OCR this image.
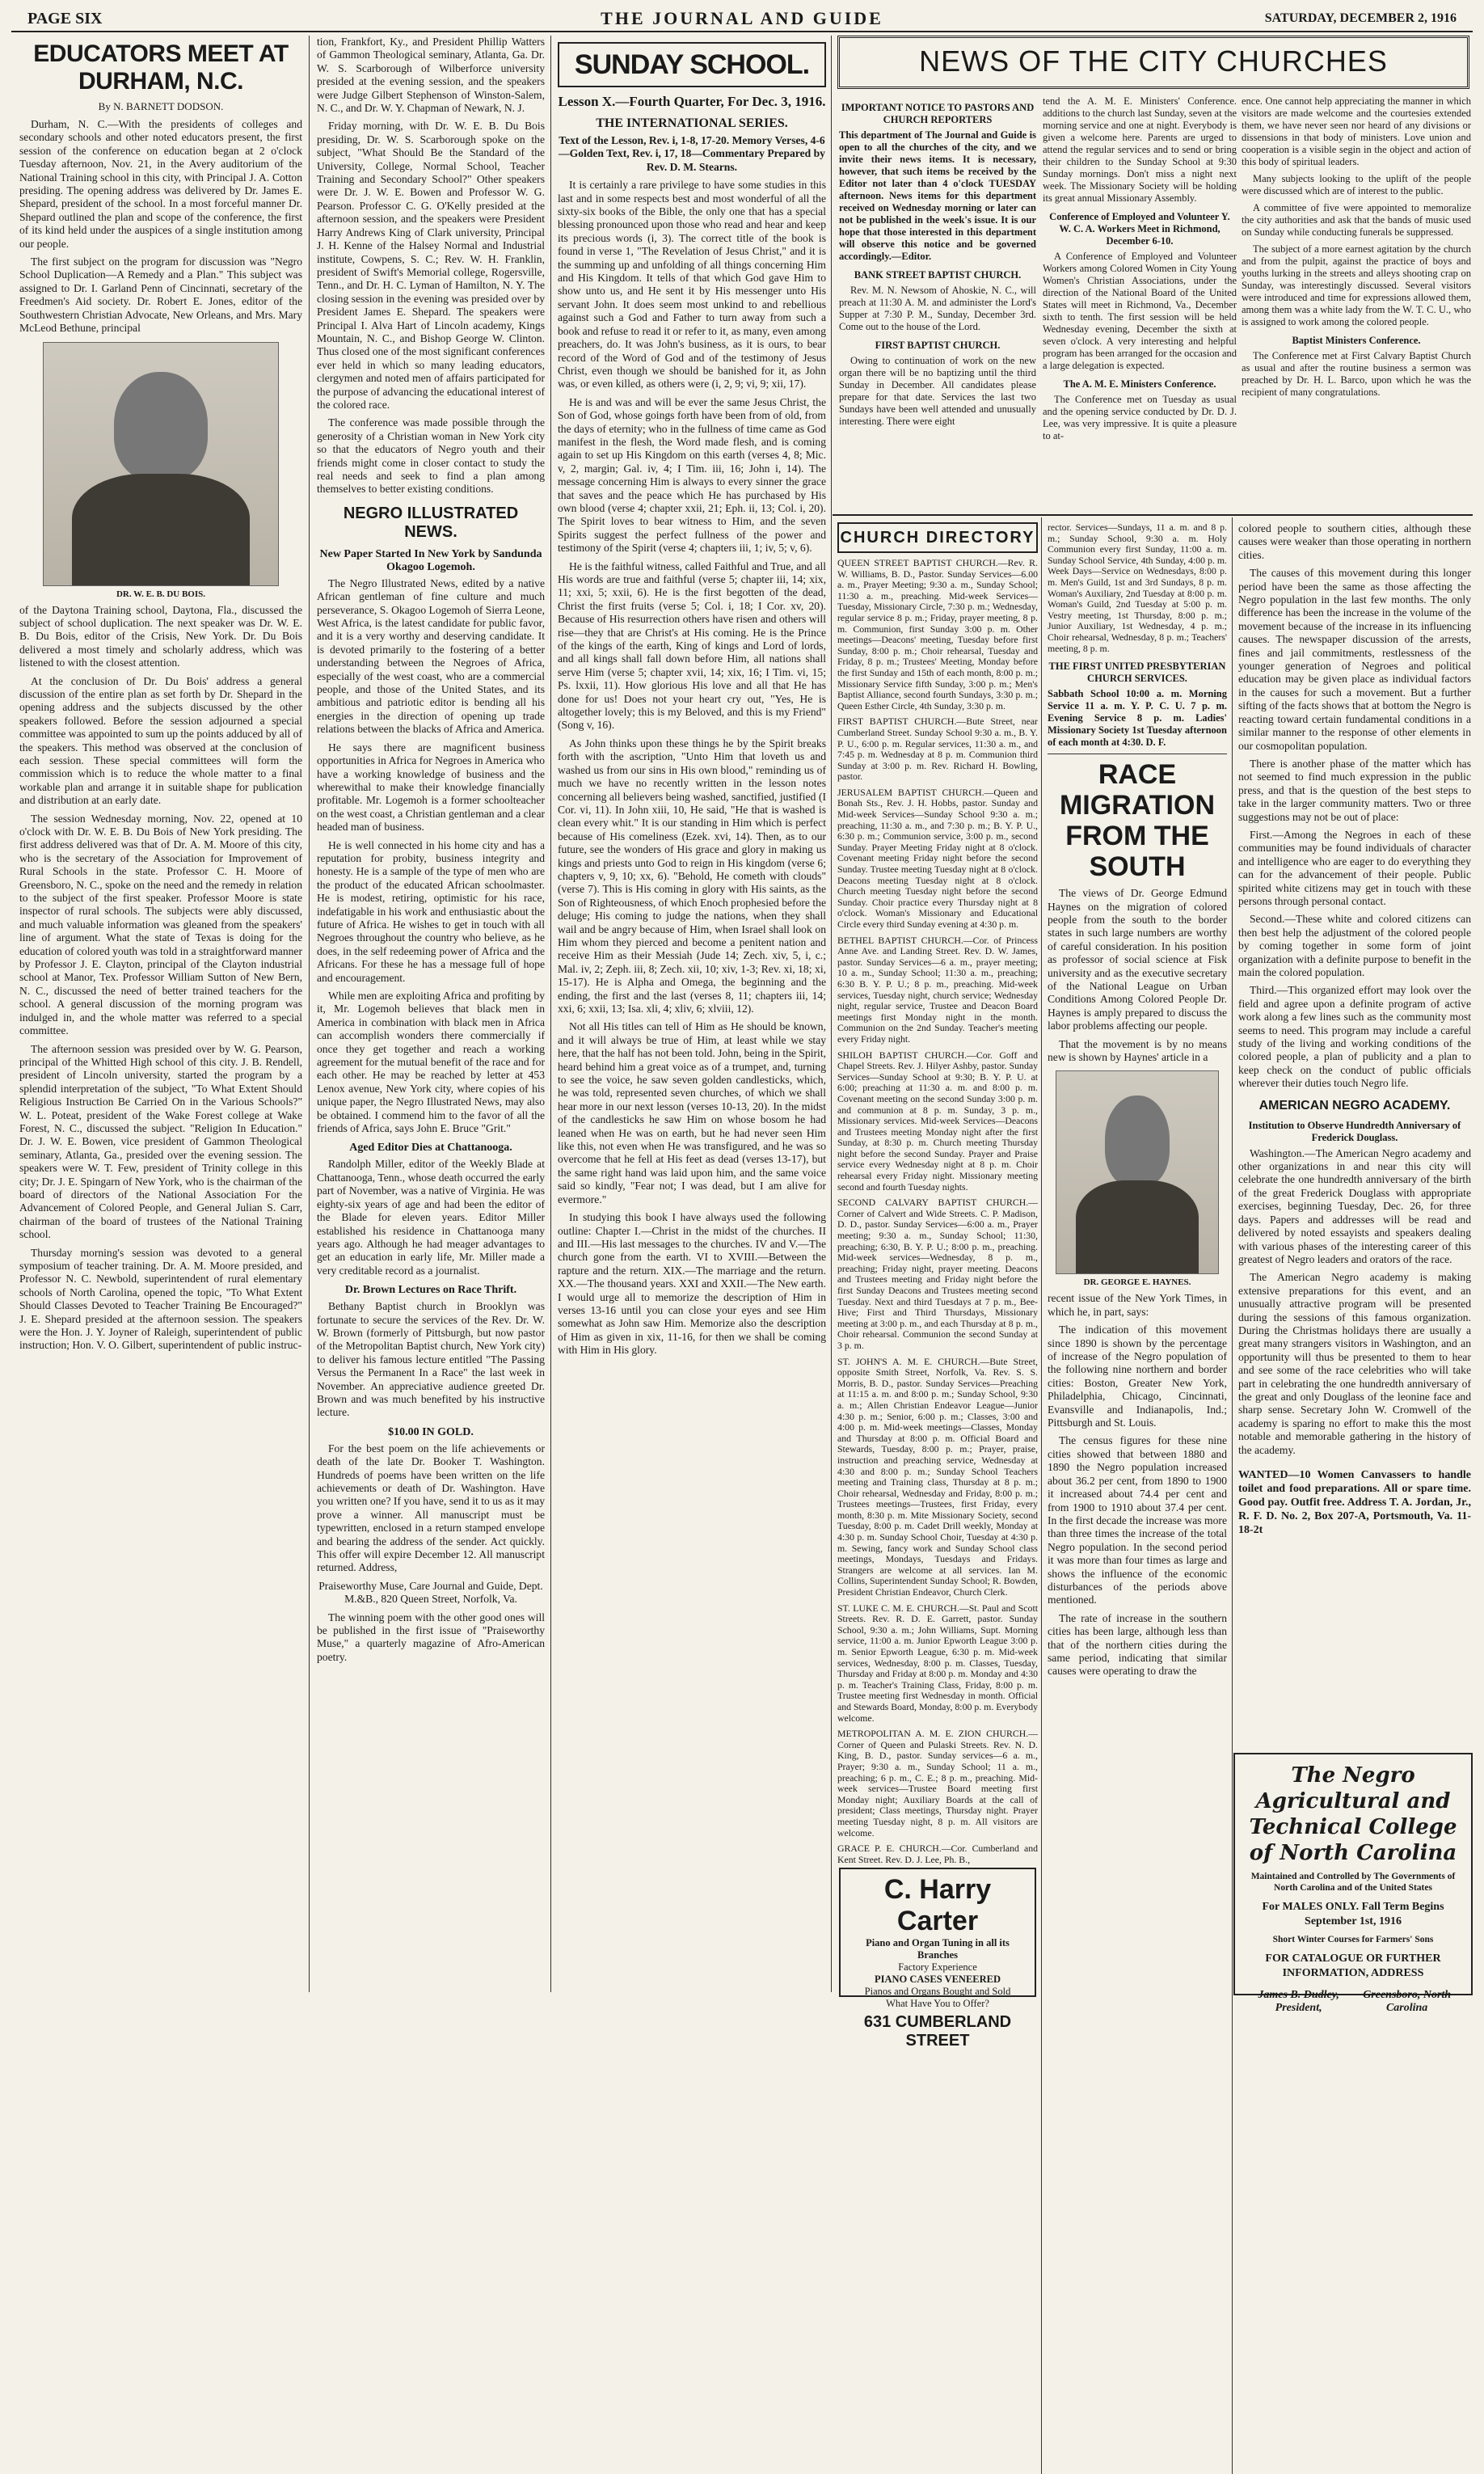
PAGE SIX	THE JOURNAL AND GUIDE	SATURDAY, DECEMBER 2, 1916
EDUCATORS MEET AT DURHAM, N.C.
By N. BARNETT DODSON.

Durham, N. C.—With the presidents of colleges and secondary schools and other noted educators present, the first session of the conference on education began at 2 o'clock Tuesday afternoon, Nov. 21, in the Avery auditorium of the National Training school in this city, with Principal J. A. Cotton presiding. The opening address was delivered by Dr. James E. Shepard, president of the school. In a most forceful manner Dr. Shepard outlined the plan and scope of the conference, the first of its kind held under the auspices of a single institution among our people.

The first subject on the program for discussion was "Negro School Duplication—A Remedy and a Plan." This subject was assigned to Dr. I. Garland Penn of Cincinnati, secretary of the Freedmen's Aid society. Dr. Robert E. Jones, editor of the Southwestern Christian Advocate, New Orleans, and Mrs. Mary McLeod Bethune, principal

DR. W. E. B. DU BOIS.

of the Daytona Training school, Daytona, Fla., discussed the subject of school duplication. The next speaker was Dr. W. E. B. Du Bois, editor of the Crisis, New York. Dr. Du Bois delivered a most timely and scholarly address, which was listened to with the closest attention.

At the conclusion of Dr. Du Bois' address a general discussion of the entire plan as set forth by Dr. Shepard in the opening address and the subjects discussed by the other speakers followed. Before the session adjourned a special committee was appointed to sum up the points adduced by all of the speakers. This method was observed at the conclusion of each session. These special committees will form the commission which is to reduce the whole matter to a final workable plan and arrange it in suitable shape for publication and distribution at an early date.

The session Wednesday morning, Nov. 22, opened at 10 o'clock with Dr. W. E. B. Du Bois of New York presiding. The first address delivered was that of Dr. A. M. Moore of this city, who is the secretary of the Association for Improvement of Rural Schools in the state. Professor C. H. Moore of Greensboro, N. C., spoke on the need and the remedy in relation to the subject of the first speaker. Professor Moore is state inspector of rural schools. The subjects were ably discussed, and much valuable information was gleaned from the speakers' line of argument. What the state of Texas is doing for the education of colored youth was told in a straightforward manner by Professor J. E. Clayton, principal of the Clayton industrial school at Manor, Tex. Professor William Sutton of New Bern, N. C., discussed the need of better trained teachers for the school. A general discussion of the morning program was indulged in, and the whole matter was referred to a special committee.

The afternoon session was presided over by W. G. Pearson, principal of the Whitted High school of this city. J. B. Rendell, president of Lincoln university, started the program by a splendid interpretation of the subject, "To What Extent Should Religious Instruction Be Carried On in the Various Schools?" W. L. Poteat, president of the Wake Forest college at Wake Forest, N. C., discussed the subject. "Religion In Education." Dr. J. W. E. Bowen, vice president of Gammon Theological seminary, Atlanta, Ga., presided over the evening session. The speakers were W. T. Few, president of Trinity college in this city; Dr. J. E. Spingarn of New York, who is the chairman of the board of directors of the National Association For the Advancement of Colored People, and General Julian S. Carr, chairman of the board of trustees of the National Training school.

Thursday morning's session was devoted to a general symposium of teacher training. Dr. A. M. Moore presided, and Professor N. C. Newbold, superintendent of rural elementary schools of North Carolina, opened the topic, "To What Extent Should Classes Devoted to Teacher Training Be Encouraged?" J. E. Shepard presided at the afternoon session. The speakers were the Hon. J. Y. Joyner of Raleigh, superintendent of public instruction; Hon. V. O. Gilbert, superintendent of public instruc-

tion, Frankfort, Ky., and President Phillip Watters of Gammon Theological seminary, Atlanta, Ga. Dr. W. S. Scarborough of Wilberforce university presided at the evening session, and the speakers were Judge Gilbert Stephenson of Winston-Salem, N. C., and Dr. W. Y. Chapman of Newark, N. J.

Friday morning, with Dr. W. E. B. Du Bois presiding, Dr. W. S. Scarborough spoke on the subject, "What Should Be the Standard of the University, College, Normal School, Teacher Training and Secondary School?" Other speakers were Dr. J. W. E. Bowen and Professor W. G. Pearson. Professor C. G. O'Kelly presided at the afternoon session, and the speakers were President Harry Andrews King of Clark university, Principal J. H. Kenne of the Halsey Normal and Industrial institute, Cowpens, S. C.; Rev. W. H. Franklin, president of Swift's Memorial college, Rogersville, Tenn., and Dr. H. C. Lyman of Hamilton, N. Y. The closing session in the evening was presided over by President James E. Shepard. The speakers were Principal I. Alva Hart of Lincoln academy, Kings Mountain, N. C., and Bishop George W. Clinton. Thus closed one of the most significant conferences ever held in which so many leading educators, clergymen and noted men of affairs participated for the purpose of advancing the educational interest of the colored race.

The conference was made possible through the generosity of a Christian woman in New York city so that the educators of Negro youth and their friends might come in closer contact to study the real needs and seek to find a plan among themselves to better existing conditions.

NEGRO ILLUSTRATED NEWS.
New Paper Started In New York by Sandunda Okagoo Logemoh.

The Negro Illustrated News, edited by a native African gentleman of fine culture and much perseverance, S. Okagoo Logemoh of Sierra Leone, West Africa, is the latest candidate for public favor, and it is a very worthy and deserving candidate. It is devoted primarily to the fostering of a better understanding between the Negroes of Africa, especially of the west coast, who are a commercial people, and those of the United States, and its ambitious and patriotic editor is bending all his energies in the direction of opening up trade relations between the blacks of Africa and America.

He says there are magnificent business opportunities in Africa for Negroes in America who have a working knowledge of business and the wherewithal to make their knowledge financially profitable. Mr. Logemoh is a former schoolteacher on the west coast, a Christian gentleman and a clear headed man of business.

He is well connected in his home city and has a reputation for probity, business integrity and honesty. He is a sample of the type of men who are the product of the educated African schoolmaster. He is modest, retiring, optimistic for his race, indefatigable in his work and enthusiastic about the future of Africa. He wishes to get in touch with all Negroes throughout the country who believe, as he does, in the self redeeming power of Africa and the Africans. For these he has a message full of hope and encouragement.

While men are exploiting Africa and profiting by it, Mr. Logemoh believes that black men in America in combination with black men in Africa can accomplish wonders there commercially if once they get together and reach a working agreement for the mutual benefit of the race and for each other. He may be reached by letter at 453 Lenox avenue, New York city, where copies of his unique paper, the Negro Illustrated News, may also be obtained. I commend him to the favor of all the friends of Africa, says John E. Bruce "Grit."

Aged Editor Dies at Chattanooga.

Randolph Miller, editor of the Weekly Blade at Chattanooga, Tenn., whose death occurred the early part of November, was a native of Virginia. He was eighty-six years of age and had been the editor of the Blade for eleven years. Editor Miller established his residence in Chattanooga many years ago. Although he had meager advantages to get an education in early life, Mr. Miller made a very creditable record as a journalist.

Dr. Brown Lectures on Race Thrift.

Bethany Baptist church in Brooklyn was fortunate to secure the services of the Rev. Dr. W. W. Brown (formerly of Pittsburgh, but now pastor of the Metropolitan Baptist church, New York city) to deliver his famous lecture entitled "The Passing Versus the Permanent In a Race" the last week in November. An appreciative audience greeted Dr. Brown and was much benefited by his instructive lecture.

$10.00 IN GOLD.

For the best poem on the life achievements or death of the late Dr. Booker T. Washington. Hundreds of poems have been written on the life achievements or death of Dr. Washington. Have you written one? If you have, send it to us as it may prove a winner. All manuscript must be typewritten, enclosed in a return stamped envelope and bearing the address of the sender. Act quickly. This offer will expire December 12. All manuscript returned. Address,

Praiseworthy Muse, Care Journal and Guide, Dept. M.&B., 820 Queen Street, Norfolk, Va.

The winning poem with the other good ones will be published in the first issue of "Praiseworthy Muse," a quarterly magazine of Afro-American poetry.

SUNDAY SCHOOL.
Lesson X.—Fourth Quarter, For Dec. 3, 1916.
THE INTERNATIONAL SERIES.

Text of the Lesson, Rev. i, 1-8, 17-20. Memory Verses, 4-6—Golden Text, Rev. i, 17, 18—Commentary Prepared by Rev. D. M. Stearns.

It is certainly a rare privilege to have some studies in this last and in some respects best and most wonderful of all the sixty-six books of the Bible, the only one that has a special blessing pronounced upon those who read and hear and keep its precious words (i, 3). The correct title of the book is found in verse 1, "The Revelation of Jesus Christ," and it is the summing up and unfolding of all things concerning Him and His Kingdom. It tells of that which God gave Him to show unto us, and He sent it by His messenger unto His servant John. It does seem most unkind to and rebellious against such a God and Father to turn away from such a book and refuse to read it or refer to it, as many, even among preachers, do. It was John's business, as it is ours, to bear record of the Word of God and of the testimony of Jesus Christ, even though we should be banished for it, as John was, or even killed, as others were (i, 2, 9; vi, 9; xii, 17).

He is and was and will be ever the same Jesus Christ, the Son of God, whose goings forth have been from of old, from the days of eternity; who in the fullness of time came as God manifest in the flesh, the Word made flesh, and is coming again to set up His Kingdom on this earth (verses 4, 8; Mic. v, 2, margin; Gal. iv, 4; I Tim. iii, 16; John i, 14). The message concerning Him is always to every sinner the grace that saves and the peace which He has purchased by His own blood (verse 4; chapter xxii, 21; Eph. ii, 13; Col. i, 20). The Spirit loves to bear witness to Him, and the seven Spirits suggest the perfect fullness of the power and testimony of the Spirit (verse 4; chapters iii, 1; iv, 5; v, 6).

He is the faithful witness, called Faithful and True, and all His words are true and faithful (verse 5; chapter iii, 14; xix, 11; xxi, 5; xxii, 6). He is the first begotten of the dead, Christ the first fruits (verse 5; Col. i, 18; I Cor. xv, 20). Because of His resurrection others have risen and others will rise—they that are Christ's at His coming. He is the Prince of the kings of the earth, King of kings and Lord of lords, and all kings shall fall down before Him, all nations shall serve Him (verse 5; chapter xvii, 14; xix, 16; I Tim. vi, 15; Ps. lxxii, 11). How glorious His love and all that He has done for us! Does not your heart cry out, "Yes, He is altogether lovely; this is my Beloved, and this is my Friend" (Song v, 16).

As John thinks upon these things he by the Spirit breaks forth with the ascription, "Unto Him that loveth us and washed us from our sins in His own blood," reminding us of much we have no recently written in the lesson notes concerning all believers being washed, sanctified, justified (I Cor. vi, 11). In John xiii, 10, He said, "He that is washed is clean every whit." It is our standing in Him which is perfect because of His comeliness (Ezek. xvi, 14). Then, as to our future, see the wonders of His grace and glory in making us kings and priests unto God to reign in His kingdom (verse 6; chapters v, 9, 10; xx, 6). "Behold, He cometh with clouds" (verse 7). This is His coming in glory with His saints, as the Son of Righteousness, of which Enoch prophesied before the deluge; His coming to judge the nations, when they shall wail and be angry because of Him, when Israel shall look on Him whom they pierced and become a penitent nation and receive Him as their Messiah (Jude 14; Zech. xiv, 5, i, c.; Mal. iv, 2; Zeph. iii, 8; Zech. xii, 10; xiv, 1-3; Rev. xi, 18; xi, 15-17). He is Alpha and Omega, the beginning and the ending, the first and the last (verses 8, 11; chapters iii, 14; xxi, 6; xxii, 13; Isa. xli, 4; xliv, 6; xlviii, 12).

Not all His titles can tell of Him as He should be known, and it will always be true of Him, at least while we stay here, that the half has not been told. John, being in the Spirit, heard behind him a great voice as of a trumpet, and, turning to see the voice, he saw seven golden candlesticks, which, he was told, represented seven churches, of which we shall hear more in our next lesson (verses 10-13, 20). In the midst of the candlesticks he saw Him on whose bosom he had leaned when He was on earth, but he had never seen Him like this, not even when He was transfigured, and he was so overcome that he fell at His feet as dead (verses 13-17), but the same right hand was laid upon him, and the same voice said so kindly, "Fear not; I was dead, but I am alive for evermore."

In studying this book I have always used the following outline: Chapter I.—Christ in the midst of the churches. II and III.—His last messages to the churches. IV and V.—The church gone from the earth. VI to XVIII.—Between the rapture and the return. XIX.—The marriage and the return. XX.—The thousand years. XXI and XXII.—The New earth. I would urge all to memorize the description of Him in verses 13-16 until you can close your eyes and see Him somewhat as John saw Him. Memorize also the description of Him as given in xix, 11-16, for then we shall be coming with Him in His glory.

NEWS OF THE CITY CHURCHES
IMPORTANT NOTICE TO PASTORS AND CHURCH REPORTERS

This department of The Journal and Guide is open to all the churches of the city, and we invite their news items. It is necessary, however, that such items be received by the Editor not later than 4 o'clock TUESDAY afternoon. News items for this department received on Wednesday morning or later can not be published in the week's issue. It is our hope that those interested in this department will observe this notice and be governed accordingly.—Editor.

BANK STREET BAPTIST CHURCH.

Rev. M. N. Newsom of Ahoskie, N. C., will preach at 11:30 A. M. and administer the Lord's Supper at 7:30 P. M., Sunday, December 3rd. Come out to the house of the Lord.

FIRST BAPTIST CHURCH.

Owing to continuation of work on the new organ there will be no baptizing until the third Sunday in December. All candidates please prepare for that date. Services the last two Sundays have been well attended and unusually interesting. There were eight

tend the A. M. E. Ministers' Conference. additions to the church last Sunday, seven at the morning service and one at night. Everybody is given a welcome here. Parents are urged to attend the regular services and to send or bring their children to the Sunday School at 9:30 Sunday mornings. Don't miss a night next week. The Missionary Society will be holding its great annual Missionary Assembly.

Conference of Employed and Volunteer Y. W. C. A. Workers Meet in Richmond, December 6-10.

A Conference of Employed and Volunteer Workers among Colored Women in City Young Women's Christian Associations, under the direction of the National Board of the United States will meet in Richmond, Va., December sixth to tenth. The first session will be held Wednesday evening, December the sixth at seven o'clock. A very interesting and helpful program has been arranged for the occasion and a large delegation is expected.

The A. M. E. Ministers Conference.

The Conference met on Tuesday as usual and the opening service conducted by Dr. D. J. Lee, was very impressive. It is quite a pleasure to at-

ence. One cannot help appreciating the manner in which visitors are made welcome and the courtesies extended them, we have never seen nor heard of any divisions or dissensions in that body of ministers. Love union and cooperation is a visible segin in the object and action of this body of spiritual leaders.

Many subjects looking to the uplift of the people were discussed which are of interest to the public.

A committee of five were appointed to memoralize the city authorities and ask that the bands of music used on Sunday while conducting funerals be suppressed.

The subject of a more earnest agitation by the church and from the pulpit, against the practice of boys and youths lurking in the streets and alleys shooting crap on Sunday, was interestingly discussed. Several visitors were introduced and time for expressions allowed them, among them was a white lady from the W. T. C. U., who is assigned to work among the colored people.

Baptist Ministers Conference.

The Conference met at First Calvary Baptist Church as usual and after the routine business a sermon was preached by Dr. H. L. Barco, upon which he was the recipient of many congratulations.

CHURCH DIRECTORY

QUEEN STREET BAPTIST CHURCH.—Rev. R. W. Williams, B. D., Pastor. Sunday Services—6.00 a. m., Prayer Meeting; 9:30 a. m., Sunday School; 11:30 a. m., preaching. Mid-week Services—Tuesday, Missionary Circle, 7:30 p. m.; Wednesday, regular service 8 p. m.; Friday, prayer meeting, 8 p. m. Communion, first Sunday 3:00 p. m. Other meetings—Deacons' meeting, Tuesday before first Sunday, 8:00 p. m.; Choir rehearsal, Tuesday and Friday, 8 p. m.; Trustees' Meeting, Monday before the first Sunday and 15th of each month, 8:00 p. m.; Missionary Service fifth Sunday, 3:00 p. m.; Men's Baptist Alliance, second fourth Sundays, 3:30 p. m.; Queen Esther Circle, 4th Sunday, 3:30 p. m.

FIRST BAPTIST CHURCH.—Bute Street, near Cumberland Street. Sunday School 9:30 a. m., B. Y. P. U., 6:00 p. m. Regular services, 11:30 a. m., and 7:45 p. m. Wednesday at 8 p. m. Communion third Sunday at 3:00 p. m. Rev. Richard H. Bowling, pastor.

JERUSALEM BAPTIST CHURCH.—Queen and Bonah Sts., Rev. J. H. Hobbs, pastor. Sunday and Mid-week Services—Sunday School 9:30 a. m.; preaching, 11:30 a. m., and 7:30 p. m.; B. Y. P. U., 6:30 p. m.; Communion service, 3:00 p. m., second Sunday. Prayer Meeting Friday night at 8 o'clock. Covenant meeting Friday night before the second Sunday. Trustee meeting Tuesday night at 8 o'clock. Deacons meeting Tuesday night at 8 o'clock. Church meeting Tuesday night before the second Sunday. Choir practice every Thursday night at 8 o'clock. Woman's Missionary and Educational Circle every third Sunday evening at 4:30 p. m.

BETHEL BAPTIST CHURCH.—Cor. of Princess Anne Ave. and Landing Street. Rev. D. W. James, pastor. Sunday Services—6 a. m., prayer meeting; 10 a. m., Sunday School; 11:30 a. m., preaching; 6:30 B. Y. P. U.; 8 p. m., preaching. Mid-week services, Tuesday night, church service; Wednesday night, regular service, Trustee and Deacon Board meetings first Monday night in the month. Communion on the 2nd Sunday. Teacher's meeting every Friday night.

SHILOH BAPTIST CHURCH.—Cor. Goff and Chapel Streets. Rev. J. Hilyer Ashby, pastor. Sunday Services—Sunday School at 9:30; B. Y. P. U. at 6:00; preaching at 11:30 a. m. and 8:00 p. m. Covenant meeting on the second Sunday 3:00 p. m. and communion at 8 p. m. Sunday, 3 p. m., Missionary services. Mid-week Services—Deacons and Trustees meeting Monday night after the first Sunday, at 8:30 p. m. Church meeting Thursday night before the second Sunday. Prayer and Praise service every Wednesday night at 8 p. m. Choir rehearsal every Friday night. Missionary meeting second and fourth Tuesday nights.

SECOND CALVARY BAPTIST CHURCH.—Corner of Calvert and Wide Streets. C. P. Madison, D. D., pastor. Sunday Services—6:00 a. m., Prayer meeting; 9:30 a. m., Sunday School; 11:30, preaching; 6:30, B. Y. P. U.; 8:00 p. m., preaching. Mid-week services—Wednesday, 8 p. m., preaching; Friday night, prayer meeting. Deacons and Trustees meeting and Friday night before the first Sunday Deacons and Trustees meeting second Tuesday. Next and third Tuesdays at 7 p. m., Bee-Hive; First and Third Thursdays, Missionary meeting at 3:00 p. m., and each Thursday at 8 p. m., Choir rehearsal. Communion the second Sunday at 3 p. m.

ST. JOHN'S A. M. E. CHURCH.—Bute Street, opposite Smith Street, Norfolk, Va. Rev. S. S. Morris, B. D., pastor. Sunday Services—Preaching at 11:15 a. m. and 8:00 p. m.; Sunday School, 9:30 a. m.; Allen Christian Endeavor League—Junior 4:30 p. m.; Senior, 6:00 p. m.; Classes, 3:00 and 4:00 p. m. Mid-week meetings—Classes, Monday and Thursday at 8:00 p. m. Official Board and Stewards, Tuesday, 8:00 p. m.; Prayer, praise, instruction and preaching service, Wednesday at 4:30 and 8:00 p. m.; Sunday School Teachers meeting and Training class, Thursday at 8 p. m.; Choir rehearsal, Wednesday and Friday, 8:00 p. m.; Trustees meetings—Trustees, first Friday, every month, 8:30 p. m. Mite Missionary Society, second Tuesday, 8:00 p. m. Cadet Drill weekly, Monday at 4:30 p. m. Sunday School Choir, Tuesday at 4:30 p. m. Sewing, fancy work and Sunday School class meetings, Mondays, Tuesdays and Fridays. Strangers are welcome at all services. Ian M. Collins, Superintendent Sunday School; R. Bowden, President Christian Endeavor, Church Clerk.

ST. LUKE C. M. E. CHURCH.—St. Paul and Scott Streets. Rev. R. D. E. Garrett, pastor. Sunday School, 9:30 a. m.; John Williams, Supt. Morning service, 11:00 a. m. Junior Epworth League 3:00 p. m. Senior Epworth League, 6:30 p. m. Mid-week services, Wednesday, 8:00 p. m. Classes, Tuesday, Thursday and Friday at 8:00 p. m. Monday and 4:30 p. m. Teacher's Training Class, Friday, 8:00 p. m. Trustee meeting first Wednesday in month. Official and Stewards Board, Monday, 8:00 p. m. Everybody welcome.

METROPOLITAN A. M. E. ZION CHURCH.—Corner of Queen and Pulaski Streets. Rev. N. D. King, B. D., pastor. Sunday services—6 a. m., Prayer; 9:30 a. m., Sunday School; 11 a. m., preaching; 6 p. m., C. E.; 8 p. m., preaching. Mid-week services—Trustee Board meeting first Monday night; Auxiliary Boards at the call of president; Class meetings, Thursday night. Prayer meeting Tuesday night, 8 p. m. All visitors are welcome.

GRACE P. E. CHURCH.—Cor. Cumberland and Kent Street. Rev. D. J. Lee, Ph. B.,

C. Harry Carter
Piano and Organ Tuning in all its Branches
Factory Experience
PIANO CASES VENEERED
Pianos and Organs Bought and Sold
What Have You to Offer?
631 CUMBERLAND STREET

rector. Services—Sundays, 11 a. m. and 8 p. m.; Sunday School, 9:30 a. m. Holy Communion every first Sunday, 11:00 a. m. Sunday School Service, 4th Sunday, 4:00 p. m. Week Days—Service on Wednesdays, 8:00 p. m. Men's Guild, 1st and 3rd Sundays, 8 p. m. Woman's Auxiliary, 2nd Tuesday at 8:00 p. m. Woman's Guild, 2nd Tuesday at 5:00 p. m. Vestry meeting, 1st Thursday, 8:00 p. m.; Junior Auxiliary, 1st Wednesday, 4 p. m.; Choir rehearsal, Wednesday, 8 p. m.; Teachers' meeting, 8 p. m.

THE FIRST UNITED PRESBYTERIAN CHURCH SERVICES.

Sabbath School 10:00 a. m. Morning Service 11 a. m. Y. P. C. U. 7 p. m. Evening Service 8 p. m. Ladies' Missionary Society 1st Tuesday afternoon of each month at 4:30. D. F.

RACE MIGRATION FROM THE SOUTH

The views of Dr. George Edmund Haynes on the migration of colored people from the south to the border states in such large numbers are worthy of careful consideration. In his position as professor of social science at Fisk university and as the executive secretary of the National League on Urban Conditions Among Colored People Dr. Haynes is amply prepared to discuss the labor problems affecting our people.

That the movement is by no means new is shown by Haynes' article in a

DR. GEORGE E. HAYNES.

recent issue of the New York Times, in which he, in part, says:

The indication of this movement since 1890 is shown by the percentage of increase of the Negro population of the following nine northern and border cities: Boston, Greater New York, Philadelphia, Chicago, Cincinnati, Evansville and Indianapolis, Ind.; Pittsburgh and St. Louis.

The census figures for these nine cities showed that between 1880 and 1890 the Negro population increased about 36.2 per cent, from 1890 to 1900 it increased about 74.4 per cent and from 1900 to 1910 about 37.4 per cent. In the first decade the increase was more than three times the increase of the total Negro population. In the second period it was more than four times as large and shows the influence of the economic disturbances of the periods above mentioned.

The rate of increase in the southern cities has been large, although less than that of the northern cities during the same period, indicating that similar causes were operating to draw the

colored people to southern cities, although these causes were weaker than those operating in northern cities.

The causes of this movement during this longer period have been the same as those affecting the Negro population in the last few months. The only difference has been the increase in the volume of the movement because of the increase in its influencing causes. The newspaper discussion of the arrests, fines and jail commitments, restlessness of the younger generation of Negroes and political education may be given place as individual factors in the causes for such a movement. But a further sifting of the facts shows that at bottom the Negro is reacting toward certain fundamental conditions in a similar manner to the response of other elements in our cosmopolitan population.

There is another phase of the matter which has not seemed to find much expression in the public press, and that is the question of the best steps to take in the larger community matters. Two or three suggestions may not be out of place:

First.—Among the Negroes in each of these communities may be found individuals of character and intelligence who are eager to do everything they can for the advancement of their people. Public spirited white citizens may get in touch with these persons through personal contact.

Second.—These white and colored citizens can then best help the adjustment of the colored people by coming together in some form of joint organization with a definite purpose to benefit in the main the colored population.

Third.—This organized effort may look over the field and agree upon a definite program of active work along a few lines such as the community most seems to need. This program may include a careful study of the living and working conditions of the colored people, a plan of publicity and a plan to keep check on the conduct of public officials wherever their duties touch Negro life.

AMERICAN NEGRO ACADEMY.
Institution to Observe Hundredth Anniversary of Frederick Douglass.

Washington.—The American Negro academy and other organizations in and near this city will celebrate the one hundredth anniversary of the birth of the great Frederick Douglass with appropriate exercises, beginning Tuesday, Dec. 26, for three days. Papers and addresses will be read and delivered by noted essayists and speakers dealing with various phases of the interesting career of this greatest of Negro leaders and orators of the race.

The American Negro academy is making extensive preparations for this event, and an unusually attractive program will be presented during the sessions of this famous organization. During the Christmas holidays there are usually a great many strangers visitors in Washington, and an opportunity will thus be presented to them to hear and see some of the race celebrities who will take part in celebrating the one hundredth anniversary of the great and only Douglass of the leonine face and sharp sense. Secretary John W. Cromwell of the academy is sparing no effort to make this the most notable and memorable gathering in the history of the academy.

WANTED—10 Women Canvassers to handle toilet and food preparations. All or spare time. Good pay. Outfit free. Address T. A. Jordan, Jr., R. F. D. No. 2, Box 207-A, Portsmouth, Va. 11-18-2t

The Negro Agricultural and Technical College of North Carolina
Maintained and Controlled by The Governments of North Carolina and of the United States
For MALES ONLY. Fall Term Begins September 1st, 1916
Short Winter Courses for Farmers' Sons
FOR CATALOGUE OR FURTHER INFORMATION, ADDRESS
James B. Dudley, President,
Greensboro, North Carolina
